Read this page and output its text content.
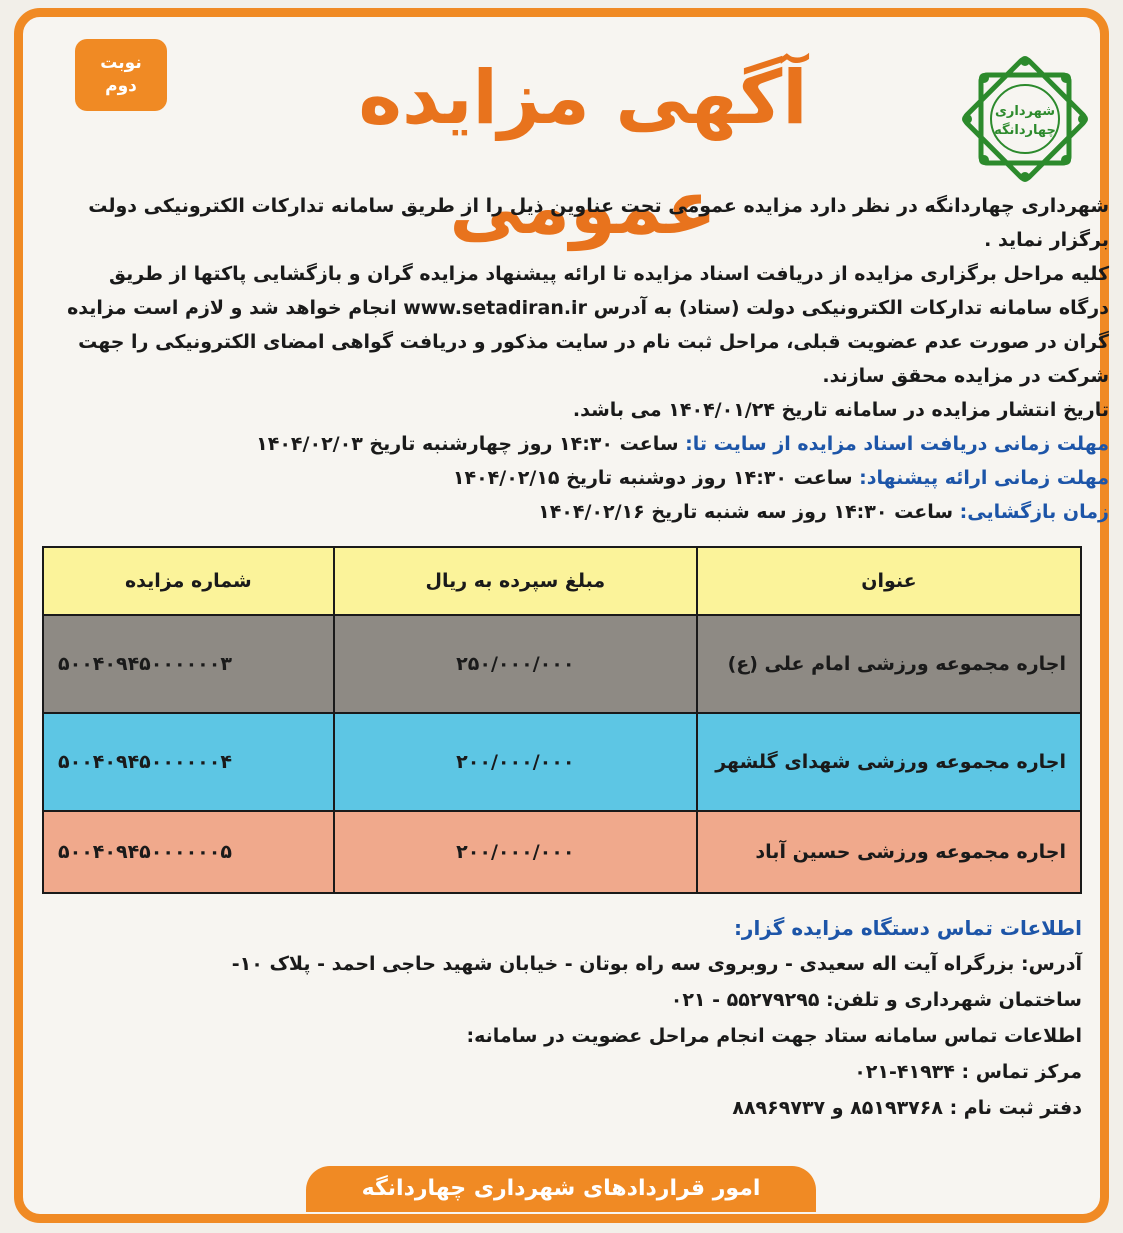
نوبت
دوم	آگهی مزایده عمومی
شهرداری
چهاردانگه

شهرداری چهاردانگه در نظر دارد مزایده عمومی تحت عناوین ذیل را از طریق سامانه تدارکات الکترونیکی دولت برگزار نماید .

کلیه مراحل برگزاری مزایده از دریافت اسناد مزایده تا ارائه پیشنهاد مزایده گران و بازگشایی پاکتها از طریق درگاه سامانه تدارکات الکترونیکی دولت (ستاد) به آدرس www.setadiran.ir انجام خواهد شد و لازم است مزایده گران در صورت عدم عضویت قبلی، مراحل ثبت نام در سایت مذکور و دریافت گواهی امضای الکترونیکی را جهت شرکت در مزایده محقق سازند.

تاریخ انتشار مزایده در سامانه تاریخ ۱۴۰۴/۰۱/۲۴ می باشد.

مهلت زمانی دریافت اسناد مزایده از سایت تا: ساعت ۱۴:۳۰ روز چهارشنبه تاریخ ۱۴۰۴/۰۲/۰۳

مهلت زمانی ارائه پیشنهاد: ساعت ۱۴:۳۰ روز دوشنبه تاریخ ۱۴۰۴/۰۲/۱۵

زمان بازگشایی: ساعت ۱۴:۳۰ روز سه شنبه تاریخ ۱۴۰۴/۰۲/۱۶

عنوان	مبلغ سپرده به ریال	شماره مزایده
اجاره مجموعه ورزشی امام علی (ع)	۲۵۰/۰۰۰/۰۰۰	۵۰۰۴۰۹۴۵۰۰۰۰۰۰۳
اجاره مجموعه ورزشی شهدای گلشهر	۲۰۰/۰۰۰/۰۰۰	۵۰۰۴۰۹۴۵۰۰۰۰۰۰۴
اجاره مجموعه ورزشی حسین آباد	۲۰۰/۰۰۰/۰۰۰	۵۰۰۴۰۹۴۵۰۰۰۰۰۰۵

اطلاعات تماس دستگاه مزایده گزار:

آدرس: بزرگراه آیت اله سعیدی - روبروی سه راه بوتان - خیابان شهید حاجی احمد - پلاک ۱۰-

ساختمان شهرداری و تلفن: ۵۵۲۷۹۲۹۵ - ۰۲۱

اطلاعات تماس سامانه ستاد جهت انجام مراحل عضویت در سامانه:

مرکز تماس : ۴۱۹۳۴-۰۲۱

دفتر ثبت نام : ۸۵۱۹۳۷۶۸ و ۸۸۹۶۹۷۳۷

امور قراردادهای شهرداری چهاردانگه
